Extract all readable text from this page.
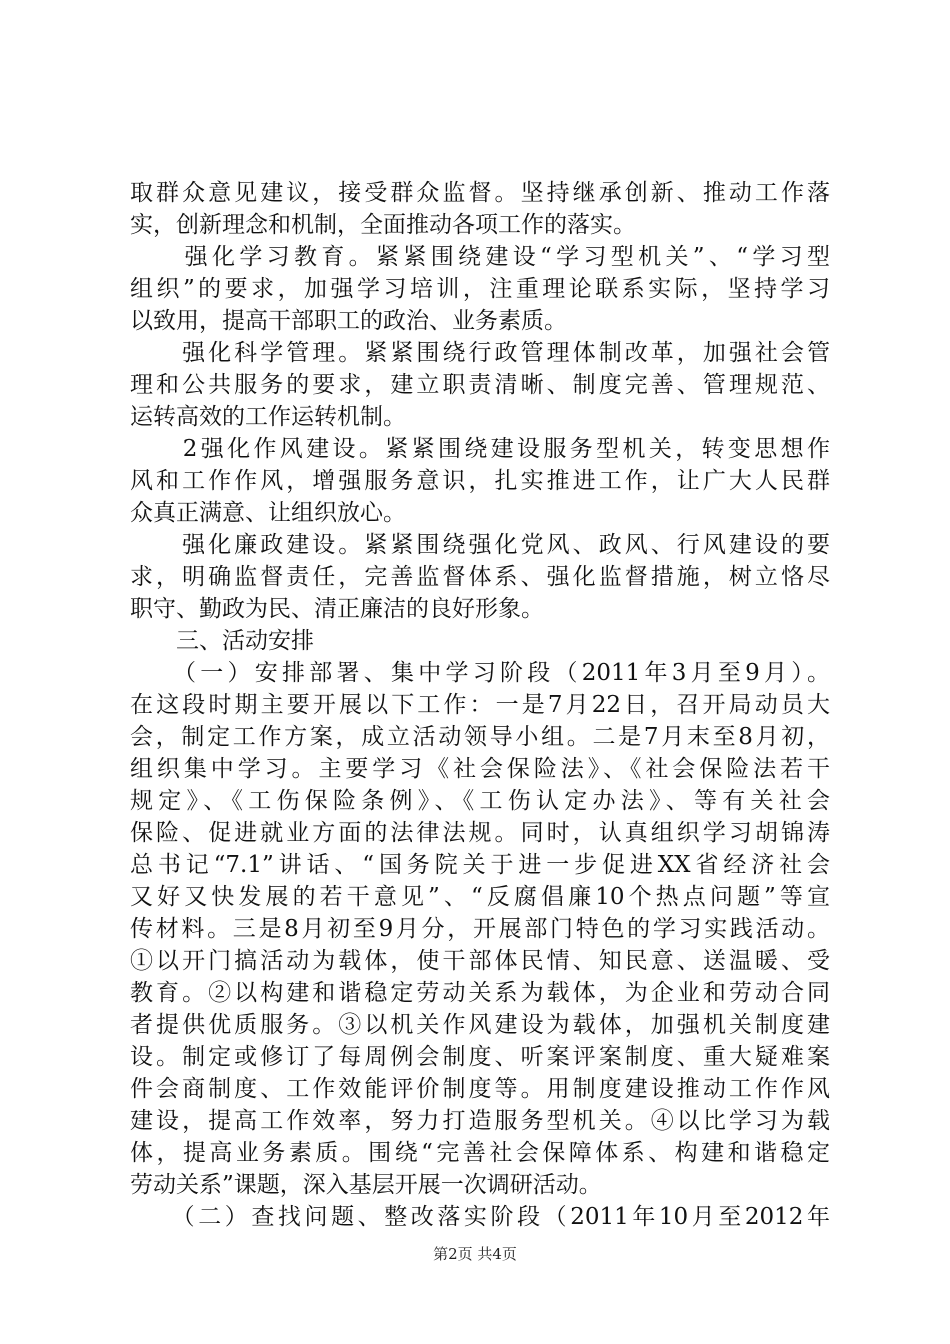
取群众意见建议，接受群众监督。坚持继承创新、推动工作落
实，创新理念和机制，全面推动各项工作的落实。
　　强化学习教育。紧紧围绕建设“学习型机关”、“学习型
组织”的要求，加强学习培训，注重理论联系实际，坚持学习
以致用，提高干部职工的政治、业务素质。
　　强化科学管理。紧紧围绕行政管理体制改革，加强社会管
理和公共服务的要求，建立职责清晰、制度完善、管理规范、
运转高效的工作运转机制。
　　2强化作风建设。紧紧围绕建设服务型机关，转变思想作
风和工作作风，增强服务意识，扎实推进工作，让广大人民群
众真正满意、让组织放心。
　　强化廉政建设。紧紧围绕强化党风、政风、行风建设的要
求，明确监督责任，完善监督体系、强化监督措施，树立恪尽
职守、勤政为民、清正廉洁的良好形象。
　　三、活动安排
　　（一）安排部署、集中学习阶段（2011年3月至9月）。
在这段时期主要开展以下工作：一是7月22日，召开局动员大
会，制定工作方案，成立活动领导小组。二是7月末至8月初，
组织集中学习。主要学习《社会保险法》、《社会保险法若干
规定》、《工伤保险条例》、《工伤认定办法》、等有关社会
保险、促进就业方面的法律法规。同时，认真组织学习胡锦涛
总书记“7.1”讲话、“国务院关于进一步促进XX省经济社会
又好又快发展的若干意见”、“反腐倡廉10个热点问题”等宣
传材料。三是8月初至9月分，开展部门特色的学习实践活动。
①以开门搞活动为载体，使干部体民情、知民意、送温暖、受
教育。②以构建和谐稳定劳动关系为载体，为企业和劳动合同
者提供优质服务。③以机关作风建设为载体，加强机关制度建
设。制定或修订了每周例会制度、听案评案制度、重大疑难案
件会商制度、工作效能评价制度等。用制度建设推动工作作风
建设，提高工作效率，努力打造服务型机关。④以比学习为载
体，提高业务素质。围绕“完善社会保障体系、构建和谐稳定
劳动关系”课题，深入基层开展一次调研活动。
　　（二）查找问题、整改落实阶段（2011年10月至2012年
第2页 共4页
